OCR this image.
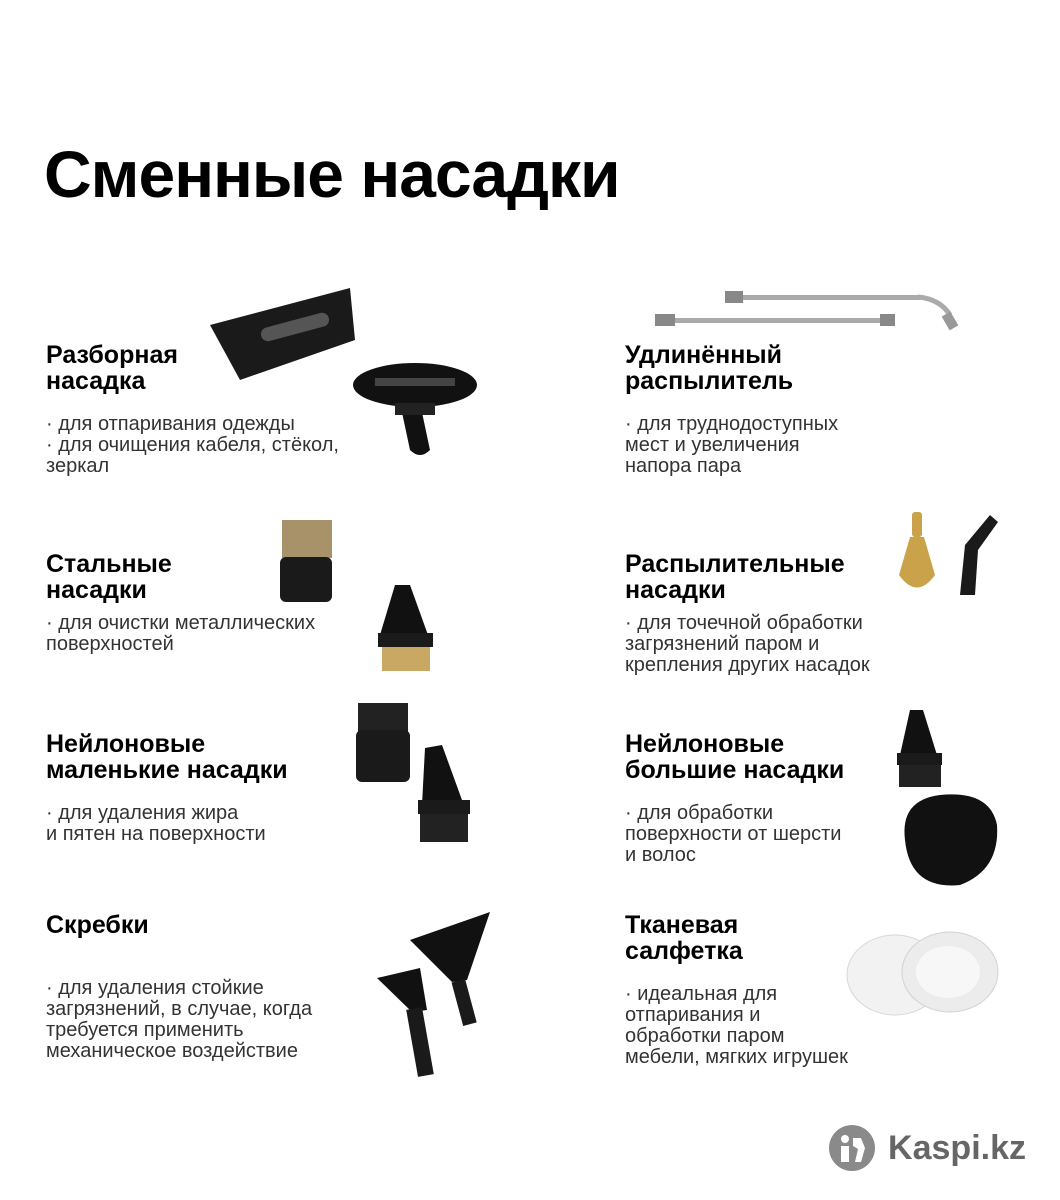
Сменные насадки

Разборная
насадка

· для отпаривания одежды
· для очищения кабеля, стёкол,
зеркал

Удлинённый
распылитель

· для труднодоступных
мест и увеличения
напора пара

Стальные
насадки

· для очистки металлических
поверхностей

Распылительные
насадки

· для точечной обработки
загрязнений паром и
крепления других насадок

Нейлоновые
маленькие насадки

· для удаления жира
и пятен на поверхности

Нейлоновые
большие насадки

· для обработки
поверхности от шерсти
и волос

Скребки

· для удаления стойкие
загрязнений, в случае, когда
требуется применить
механическое воздействие

Тканевая
салфетка

· идеальная для
отпаривания и
обработки паром
мебели, мягких игрушек

Kaspi.kz
